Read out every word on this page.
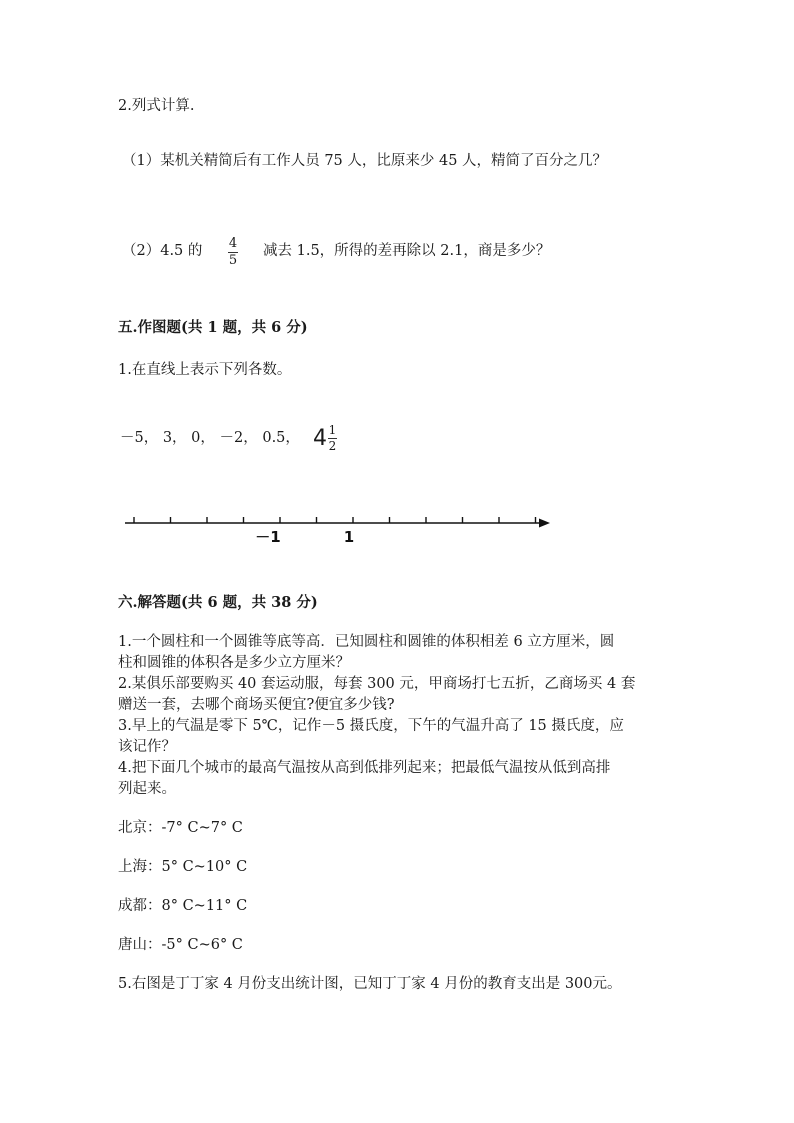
2.列式计算.
（1）某机关精简后有工作人员 75 人，比原来少 45 人，精简了百分之几？
（2）4.5 的 4
5
减去 1.5，所得的差再除以 2.1，商是多少？
五.作图题(共 1 题，共 6 分)
1.在直线上表示下列各数。
－5， 3， 0， －2， 0.5， 4 1
2
－1	1
六.解答题(共 6 题，共 38 分)
1.一个圆柱和一个圆锥等底等高．已知圆柱和圆锥的体积相差 6 立方厘米，圆
柱和圆锥的体积各是多少立方厘米？
2.某俱乐部要购买 40 套运动服，每套 300 元，甲商场打七五折，乙商场买 4 套
赠送一套，去哪个商场买便宜?便宜多少钱?
3.早上的气温是零下 5℃，记作－5 摄氏度，下午的气温升高了 15 摄氏度，应
该记作？
4.把下面几个城市的最高气温按从高到低排列起来；把最低气温按从低到高排
列起来。
北京：-7° C~7° C
上海：5° C~10° C
成都：8° C~11° C
唐山：-5° C~6° C
5.右图是丁丁家 4 月份支出统计图，已知丁丁家 4 月份的教育支出是 300元。
